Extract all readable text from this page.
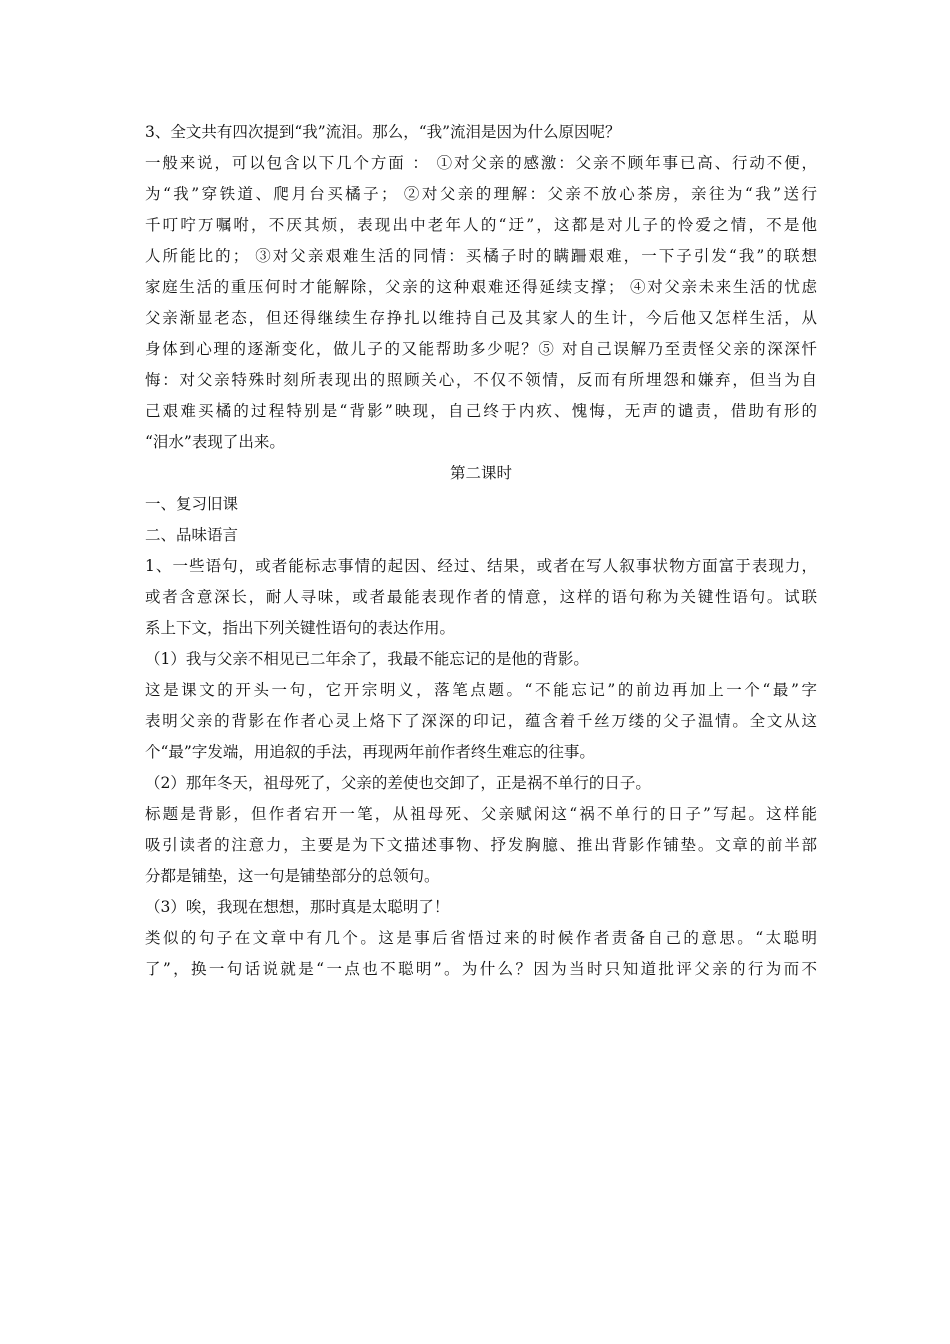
3、全文共有四次提到“我”流泪。那么，“我”流泪是因为什么原因呢？
一般来说，可以包含以下几个方面 ： ①对父亲的感激：父亲不顾年事已高、行动不便，
为“我”穿铁道、爬月台买橘子； ②对父亲的理解：父亲不放心茶房，亲往为“我”送行
千叮咛万嘱咐，不厌其烦，表现出中老年人的“迂”，这都是对儿子的怜爱之情，不是他
人所能比的； ③对父亲艰难生活的同情：买橘子时的瞒跚艰难，一下子引发“我”的联想
家庭生活的重压何时才能解除，父亲的这种艰难还得延续支撑； ④对父亲未来生活的忧虑
父亲渐显老态，但还得继续生存挣扎以维持自己及其家人的生计，今后他又怎样生活，从
身体到心理的逐渐变化，做儿子的又能帮助多少呢？⑤ 对自己误解乃至责怪父亲的深深忏
悔：对父亲特殊时刻所表现出的照顾关心，不仅不领情，反而有所埋怨和嫌弃，但当为自
己艰难买橘的过程特别是“背影”映现，自己终于内疚、愧悔，无声的谴责，借助有形的
“泪水”表现了出来。
第二课时
一、复习旧课
二、品味语言
1、一些语句，或者能标志事情的起因、经过、结果，或者在写人叙事状物方面富于表现力，
或者含意深长，耐人寻味，或者最能表现作者的情意，这样的语句称为关键性语句。试联
系上下文，指出下列关键性语句的表达作用。
（1）我与父亲不相见已二年余了，我最不能忘记的是他的背影。
这是课文的开头一句，它开宗明义，落笔点题。“不能忘记”的前边再加上一个“最”字
表明父亲的背影在作者心灵上烙下了深深的印记，蕴含着千丝万缕的父子温情。全文从这
个“最”字发端，用追叙的手法，再现两年前作者终生难忘的往事。
（2）那年冬天，祖母死了，父亲的差使也交卸了，正是祸不单行的日子。
标题是背影，但作者宕开一笔，从祖母死、父亲赋闲这“祸不单行的日子”写起。这样能
吸引读者的注意力，主要是为下文描述事物、抒发胸臆、推出背影作铺垫。文章的前半部
分都是铺垫，这一句是铺垫部分的总领句。
（3）唉，我现在想想，那时真是太聪明了！
类似的句子在文章中有几个。这是事后省悟过来的时候作者责备自己的意思。“太聪明
了”，换一句话说就是“一点也不聪明”。为什么？因为当时只知道批评父亲的行为而不
